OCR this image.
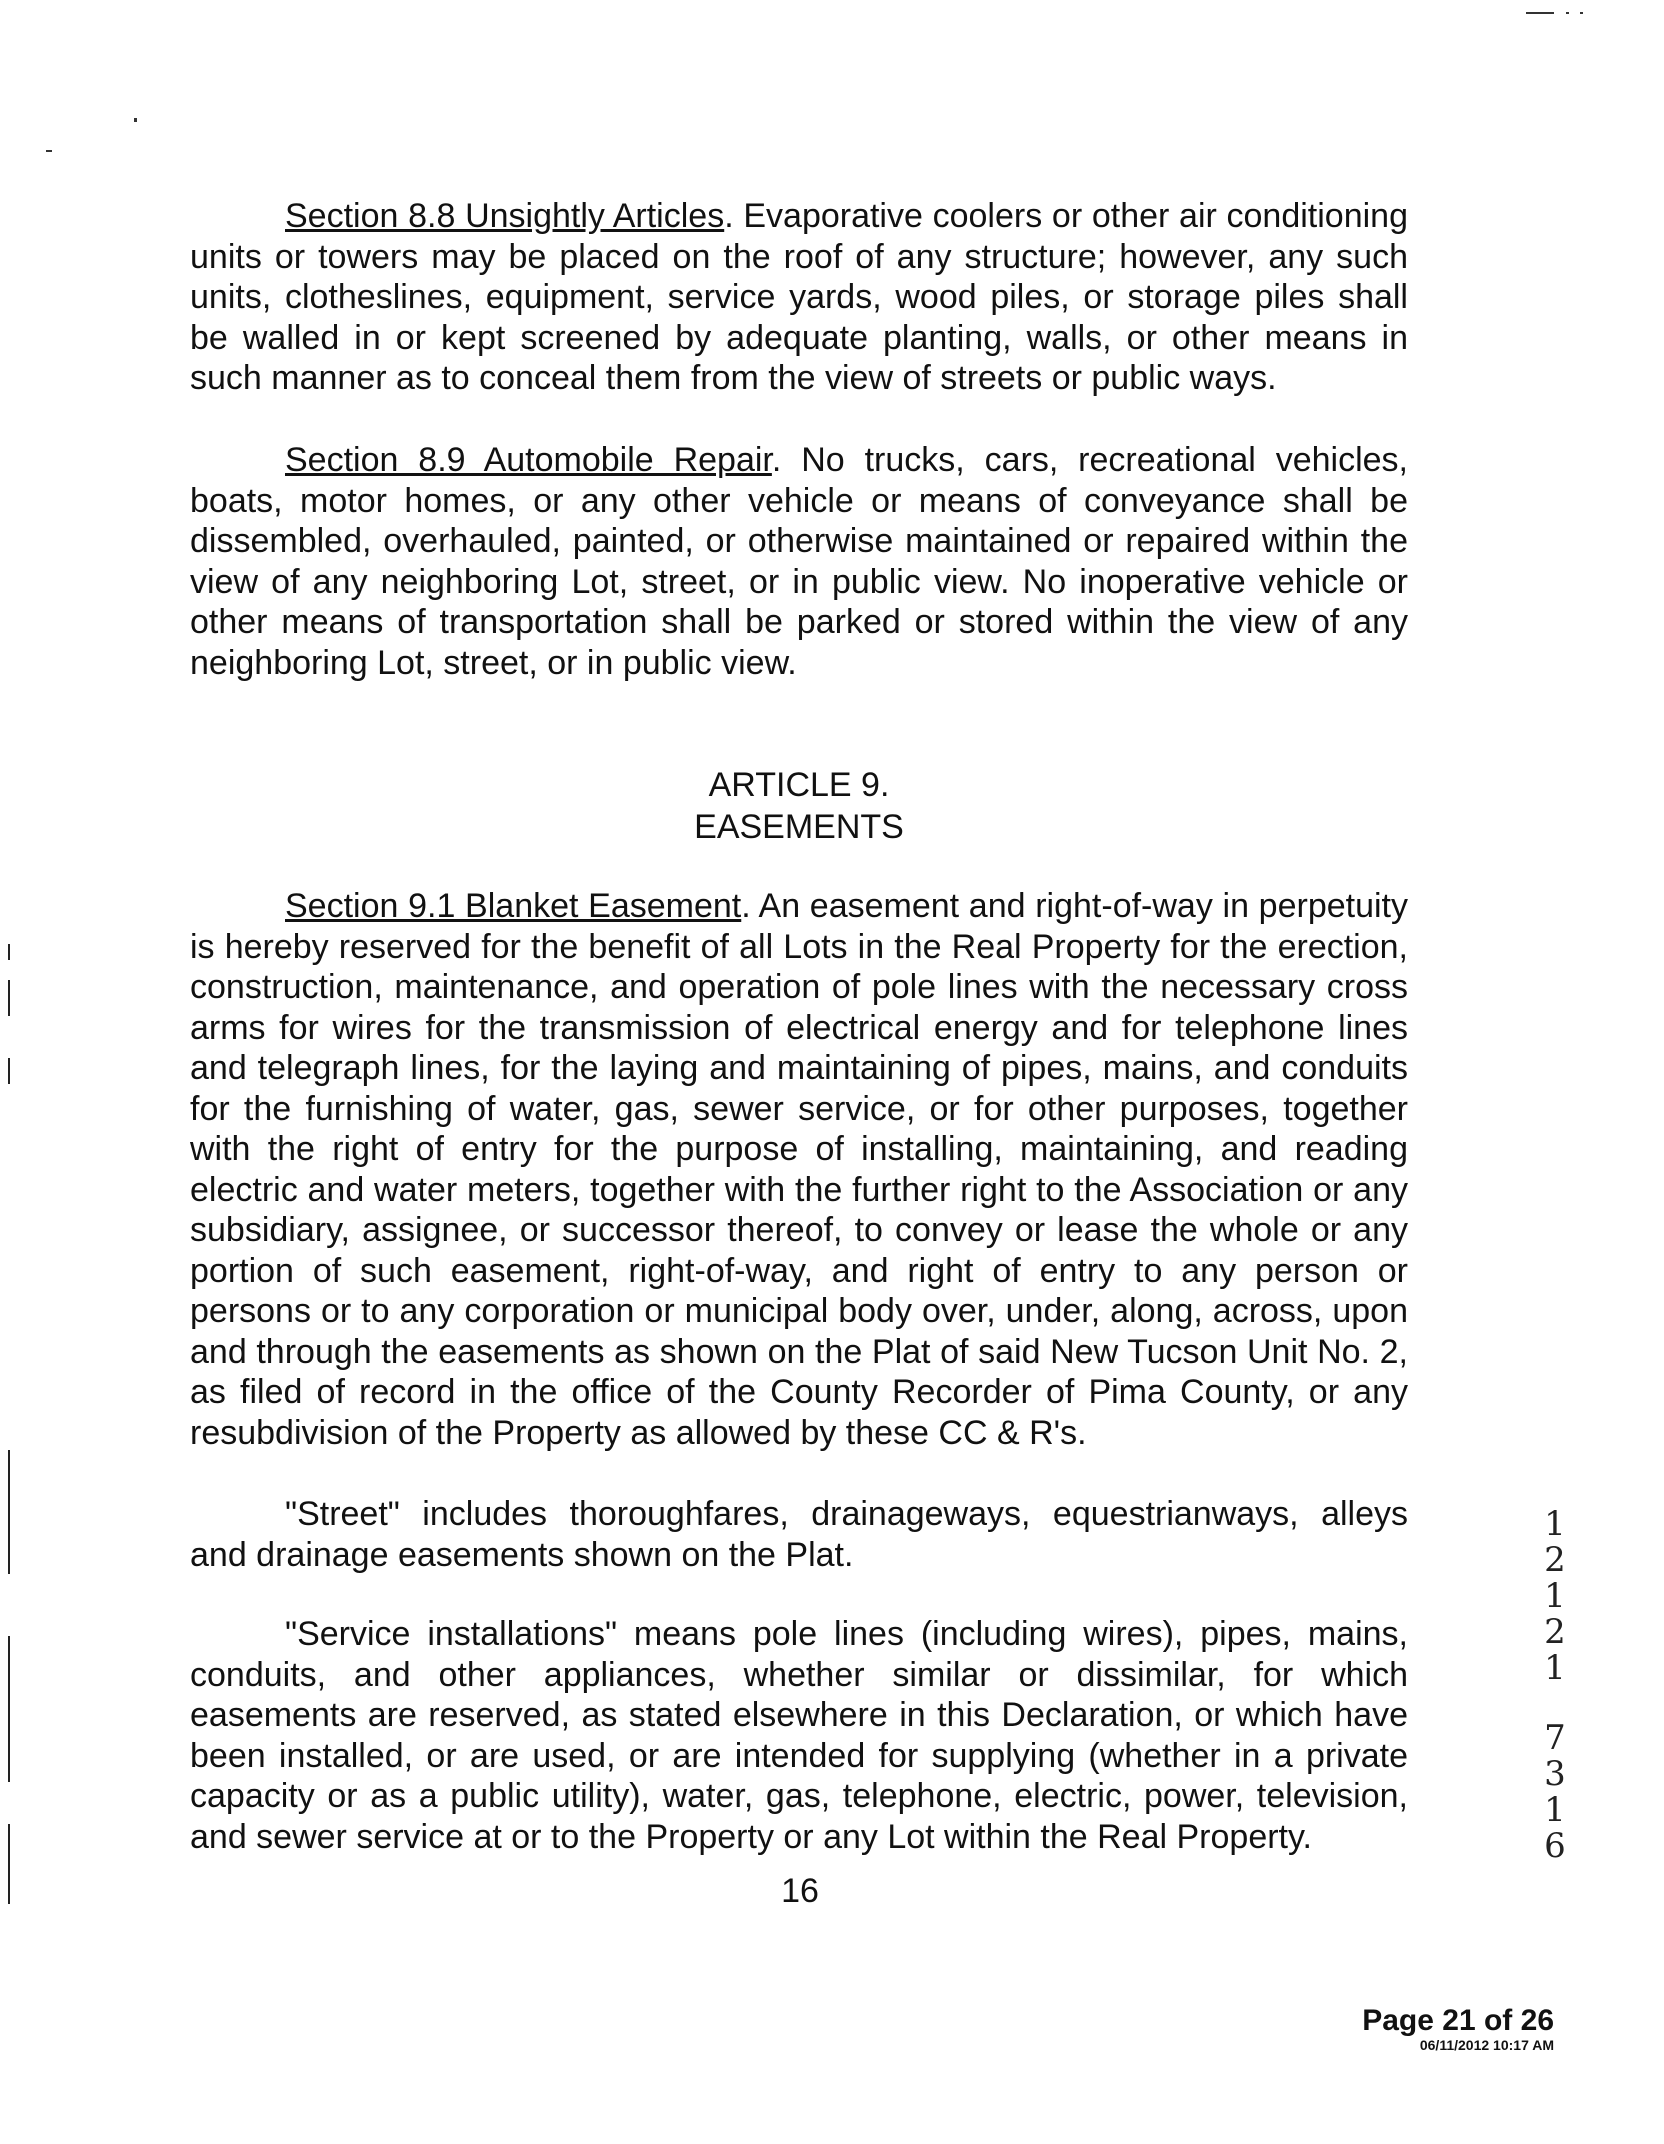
Section 8.8 Unsightly Articles. Evaporative coolers or other air conditioning units or towers may be placed on the roof of any structure; however, any such units, clotheslines, equipment, service yards, wood piles, or storage piles shall be walled in or kept screened by adequate planting, walls, or other means in such manner as to conceal them from the view of streets or public ways.

Section 8.9 Automobile Repair. No trucks, cars, recreational vehicles, boats, motor homes, or any other vehicle or means of conveyance shall be dissembled, overhauled, painted, or otherwise maintained or repaired within the view of any neighboring Lot, street, or in public view. No inoperative vehicle or other means of transportation shall be parked or stored within the view of any neighboring Lot, street, or in public view.

ARTICLE 9.

EASEMENTS

Section 9.1 Blanket Easement. An easement and right-of-way in perpetuity is hereby reserved for the benefit of all Lots in the Real Property for the erection, construction, maintenance, and operation of pole lines with the necessary cross arms for wires for the transmission of electrical energy and for telephone lines and telegraph lines, for the laying and maintaining of pipes, mains, and conduits for the furnishing of water, gas, sewer service, or for other purposes, together with the right of entry for the purpose of installing, maintaining, and reading electric and water meters, together with the further right to the Association or any subsidiary, assignee, or successor thereof, to convey or lease the whole or any portion of such easement, right-of-way, and right of entry to any person or persons or to any corporation or municipal body over, under, along, across, upon and through the easements as shown on the Plat of said New Tucson Unit No. 2, as filed of record in the office of the County Recorder of Pima County, or any resubdivision of the Property as allowed by these CC & R's.

"Street" includes thoroughfares, drainageways, equestrianways, alleys and drainage easements shown on the Plat.

"Service installations" means pole lines (including wires), pipes, mains, conduits, and other appliances, whether similar or dissimilar, for which easements are reserved, as stated elsewhere in this Declaration, or which have been installed, or are used, or are intended for supplying (whether in a private capacity or as a public utility), water, gas, telephone, electric, power, television, and sewer service at or to the Property or any Lot within the Real Property.

16
Page 21 of 26
06/11/2012 10:17 AM
1
2
1
2
1
7
3
1
6
